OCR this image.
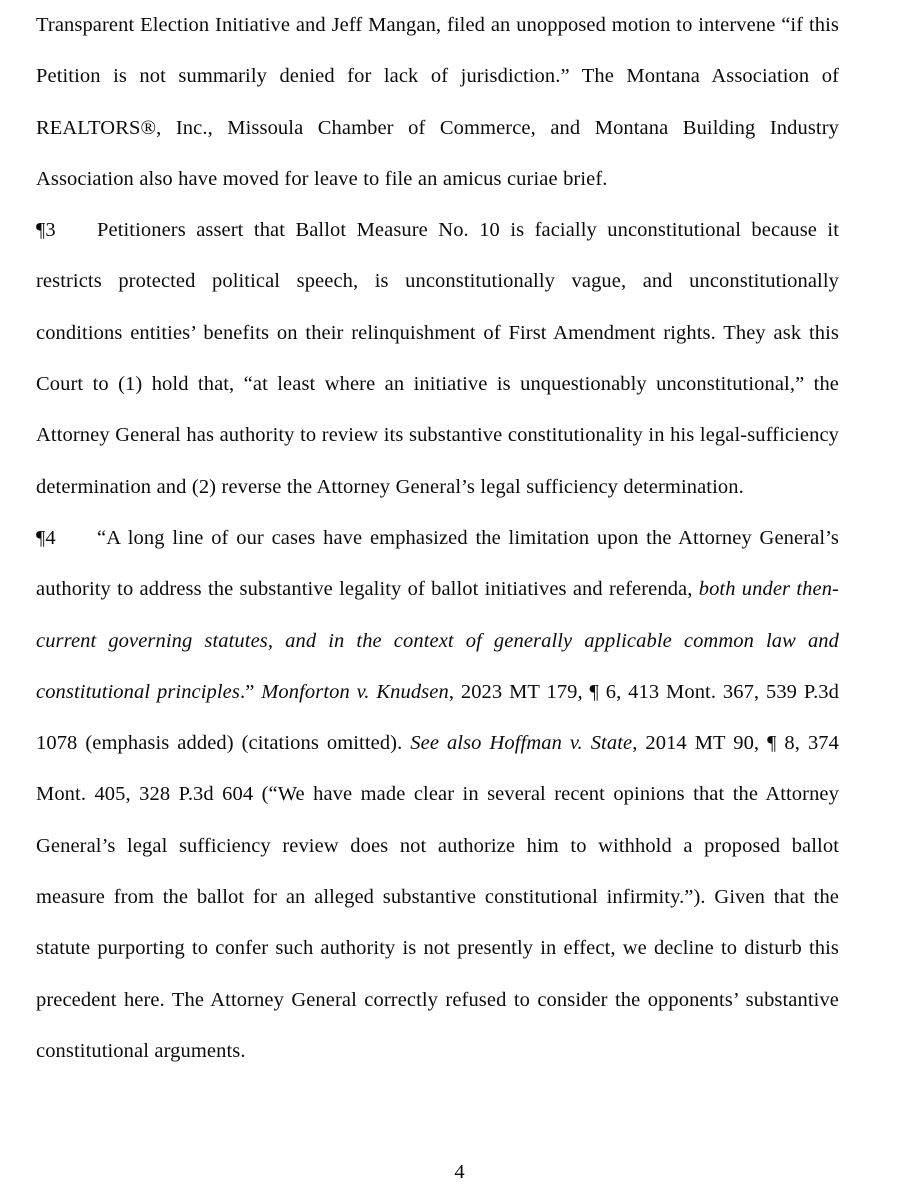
Transparent Election Initiative and Jeff Mangan, filed an unopposed motion to intervene “if this Petition is not summarily denied for lack of jurisdiction.” The Montana Association of REALTORS®, Inc., Missoula Chamber of Commerce, and Montana Building Industry Association also have moved for leave to file an amicus curiae brief.

¶3 Petitioners assert that Ballot Measure No. 10 is facially unconstitutional because it restricts protected political speech, is unconstitutionally vague, and unconstitutionally conditions entities’ benefits on their relinquishment of First Amendment rights. They ask this Court to (1) hold that, “at least where an initiative is unquestionably unconstitutional,” the Attorney General has authority to review its substantive constitutionality in his legal-sufficiency determination and (2) reverse the Attorney General’s legal sufficiency determination.

¶4 “A long line of our cases have emphasized the limitation upon the Attorney General’s authority to address the substantive legality of ballot initiatives and referenda, both under then-current governing statutes, and in the context of generally applicable common law and constitutional principles.” Monforton v. Knudsen, 2023 MT 179, ¶ 6, 413 Mont. 367, 539 P.3d 1078 (emphasis added) (citations omitted). See also Hoffman v. State, 2014 MT 90, ¶ 8, 374 Mont. 405, 328 P.3d 604 (“We have made clear in several recent opinions that the Attorney General’s legal sufficiency review does not authorize him to withhold a proposed ballot measure from the ballot for an alleged substantive constitutional infirmity.”). Given that the statute purporting to confer such authority is not presently in effect, we decline to disturb this precedent here. The Attorney General correctly refused to consider the opponents’ substantive constitutional arguments.

4
